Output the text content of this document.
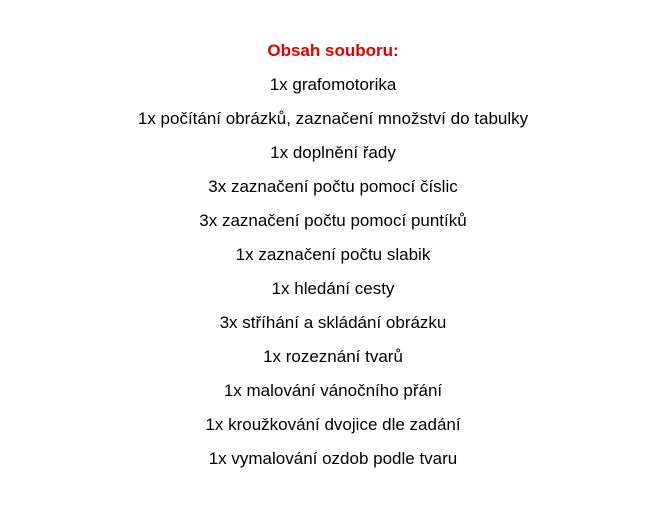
Obsah souboru:
1x grafomotorika
1x počítání obrázků, zaznačení množství do tabulky
1x doplnění řady
3x zaznačení počtu pomocí číslic
3x zaznačení počtu pomocí puntíků
1x zaznačení počtu slabik
1x hledání cesty
3x stříhání a skládání obrázku
1x rozeznání tvarů
1x malování vánočního přání
1x kroužkování dvojice dle zadání
1x vymalování ozdob podle tvaru
